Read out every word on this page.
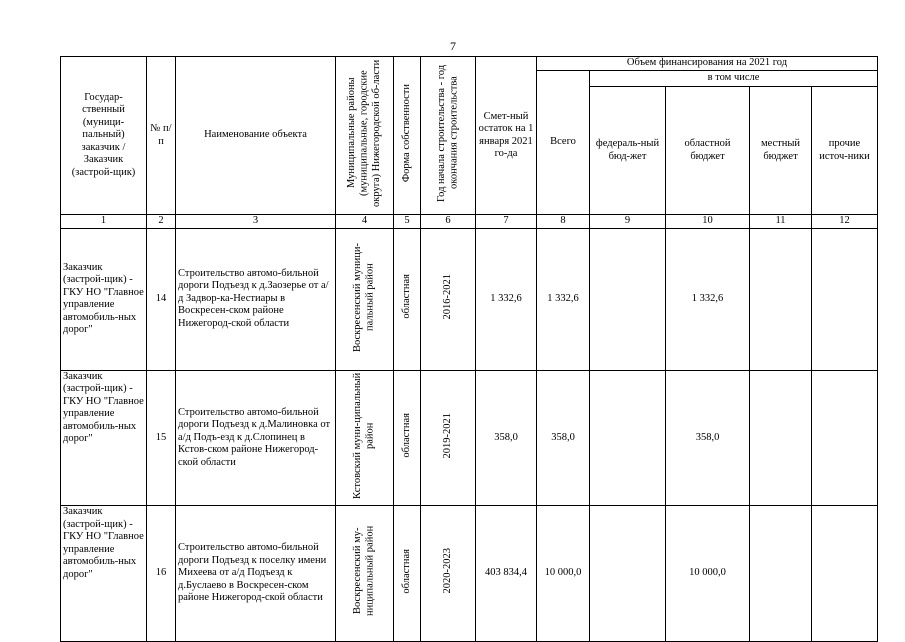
7
Государ-ственный (муници-пальный) заказчик / Заказчик (застрой-щик)	№ п/п	Наименование объекта	Муниципальные районы (муниципальные, городские округа) Нижегородской об-ласти	Форма собственности	Год начала строительства - год окончания строительства	Смет-ный остаток на 1 января 2021 го-да	Объем финансирования на 2021 год				
							Всего	в том числе			
								федераль-ный бюд-жет	областной бюджет	местный бюджет	прочие источ-ники
1	2	3	4	5	6	7	8	9	10	11	12
Заказчик (застрой-щик) - ГКУ НО "Главное управление автомобиль-ных дорог"	14	Строительство автомо-бильной дороги Подъезд к д.Заозерье от а/д Задвор-ка-Нестиары в Воскресен-ском районе Нижегород-ской области	Воскресенский муници-пальный район	областная	2016-2021	1 332,6	1 332,6		1 332,6		
Заказчик (застрой-щик) - ГКУ НО "Главное управление автомобиль-ных дорог"	15	Строительство автомо-бильной дороги Подъезд к д.Малиновка от а/д Подъ-езд к д.Слопинец в Кстов-ском районе Нижегород-ской области	Кстовский муни-ципальный район	областная	2019-2021	358,0	358,0		358,0		
Заказчик (застрой-щик) - ГКУ НО "Главное управление автомобиль-ных дорог"	16	Строительство автомо-бильной дороги Подъезд к поселку имени Михеева от а/д Подъезд к д.Буслаево в Воскресен-ском районе Нижегород-ской области	Воскресенский му-ниципальный район	областная	2020-2023	403 834,4	10 000,0		10 000,0		
